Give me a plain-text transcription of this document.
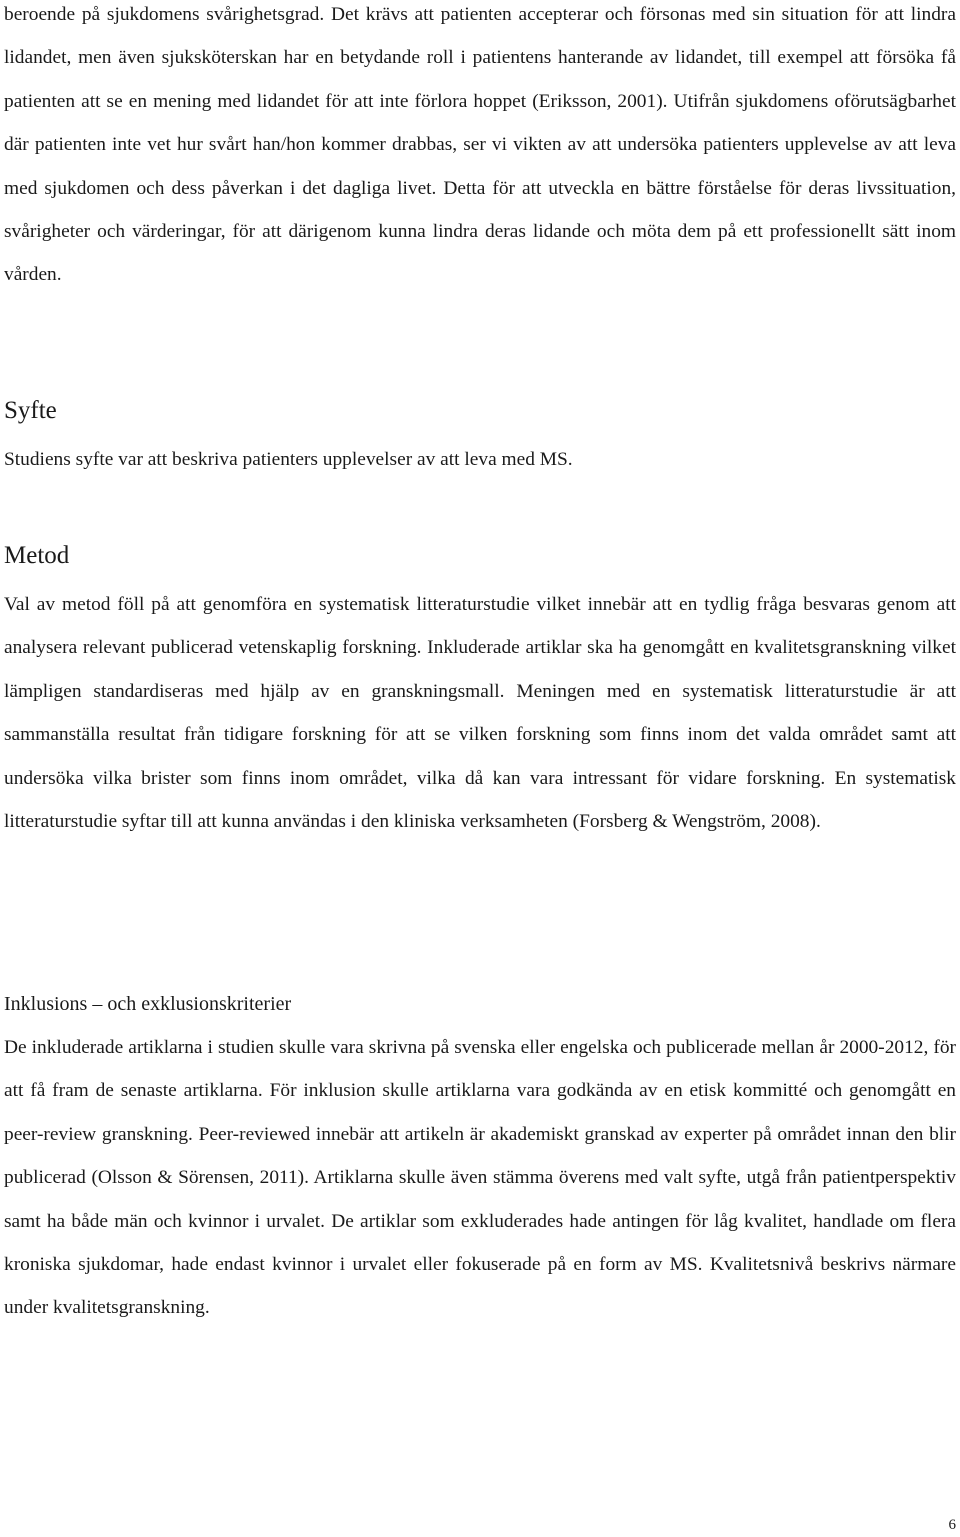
beroende på sjukdomens svårighetsgrad. Det krävs att patienten accepterar och försonas med sin situation för att lindra lidandet, men även sjuksköterskan har en betydande roll i patientens hanterande av lidandet, till exempel att försöka få patienten att se en mening med lidandet för att inte förlora hoppet (Eriksson, 2001). Utifrån sjukdomens oförutsägbarhet där patienten inte vet hur svårt han/hon kommer drabbas, ser vi vikten av att undersöka patienters upplevelse av att leva med sjukdomen och dess påverkan i det dagliga livet. Detta för att utveckla en bättre förståelse för deras livssituation, svårigheter och värderingar, för att därigenom kunna lindra deras lidande och möta dem på ett professionellt sätt inom vården.

Syfte

Studiens syfte var att beskriva patienters upplevelser av att leva med MS.

Metod

Val av metod föll på att genomföra en systematisk litteraturstudie vilket innebär att en tydlig fråga besvaras genom att analysera relevant publicerad vetenskaplig forskning. Inkluderade artiklar ska ha genomgått en kvalitetsgranskning vilket lämpligen standardiseras med hjälp av en granskningsmall. Meningen med en systematisk litteraturstudie är att sammanställa resultat från tidigare forskning för att se vilken forskning som finns inom det valda området samt att undersöka vilka brister som finns inom området, vilka då kan vara intressant för vidare forskning. En systematisk litteraturstudie syftar till att kunna användas i den kliniska verksamheten (Forsberg & Wengström, 2008).

Inklusions – och exklusionskriterier

De inkluderade artiklarna i studien skulle vara skrivna på svenska eller engelska och publicerade mellan år 2000-2012, för att få fram de senaste artiklarna. För inklusion skulle artiklarna vara godkända av en etisk kommitté och genomgått en peer-review granskning. Peer-reviewed innebär att artikeln är akademiskt granskad av experter på området innan den blir publicerad (Olsson & Sörensen, 2011). Artiklarna skulle även stämma överens med valt syfte, utgå från patientperspektiv samt ha både män och kvinnor i urvalet. De artiklar som exkluderades hade antingen för låg kvalitet, handlade om flera kroniska sjukdomar, hade endast kvinnor i urvalet eller fokuserade på en form av MS. Kvalitetsnivå beskrivs närmare under kvalitetsgranskning.

6
